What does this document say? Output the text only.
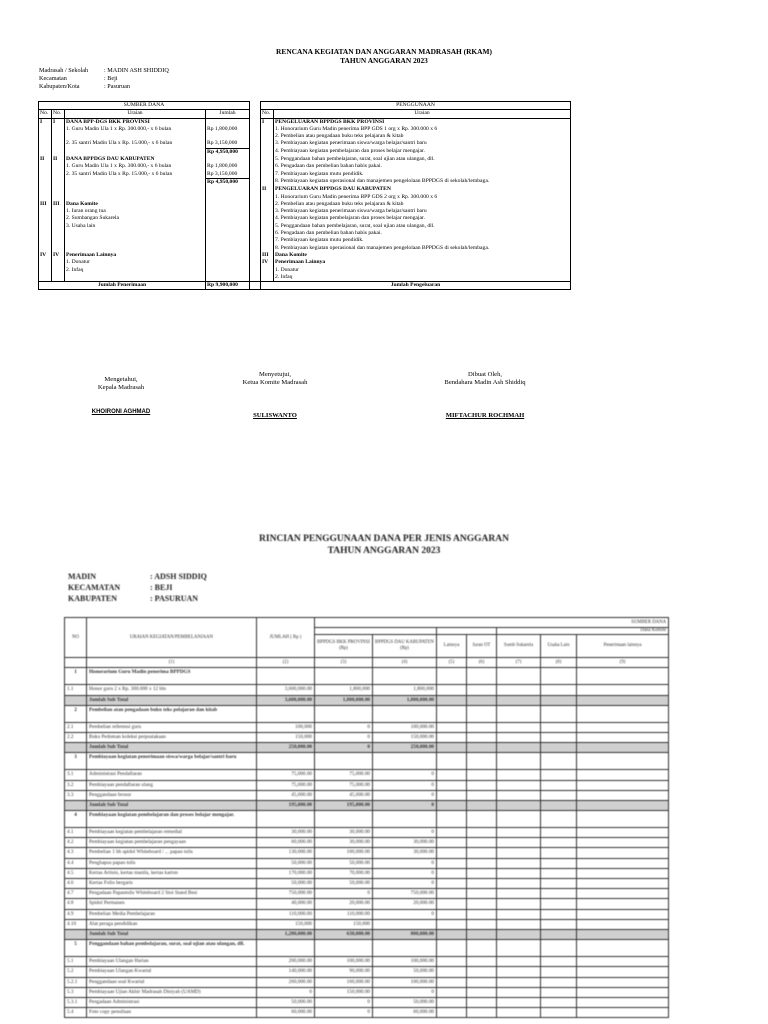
RENCANA KEGIATAN DAN ANGGARAN MADRASAH (RKAM)
TAHUN ANGGARAN 2023
Madrasah / Sekolah	: MADIN ASH SHIDDIQ
Kecamatan	: Beji
Kabupaten/Kota	: Pasuruan
SUMBER DANA					PENGGUNAAN	
No.	No.	Uraian	Jumlah		No.	Uraian
I	I	DANA BPP-DGS BKK PROVINSI			I	PENGELUARAN BPPDGS BKK PROVINSI
		1. Guru Madin Ula 1 x Rp. 300.000,- x 6 bulan	Rp 1,800,000			1. Honorarium Guru Madin penerima BPP GDS 1 org x Rp. 300.000 x 6
						2. Pembelian atau pengadaan buku teks pelajaran & kitab
		2. 35 santri Madin Ula x Rp. 15.000,- x 6 bulan	Rp 3,150,000			3. Pembiayaan kegiatan penerimaan siswa/warga belajar/santri baru
			Rp 4,950,000			4. Pembiayaan kegiatan pembelajaran dan proses belajar mengajar.
II	II	DANA BPPDGS DAU KABUPATEN				5. Penggandaan bahan pembelajaran, surat, soal ujian atau ulangan, dll.
		1. Guru Madin Ula 1 x Rp. 300.000,- x 6 bulan	Rp 1,800,000			6. Pengadaan dan pembelian bahan habis pakai.
		2. 35 santri Madin Ula x Rp. 15.000,- x 6 bulan	Rp 3,150,000			7. Pembiayaan kegiatan mutu pendidik.
			Rp 4,950,000			8. Pembiayaan kegiatan operasional dan manajemen pengelolaan BPPDGS di sekolah/lembaga.

					II	PENGELUARAN BPPDGS DAU KABUPATEN
						1. Honorarium Guru Madin penerima BPP GDS 2 org x Rp. 300.000 x 6
III	III	Dana Komite				2. Pembelian atau pengadaan buku teks pelajaran & kitab
		1. Iuran orang tua				3. Pembiayaan kegiatan penerimaan siswa/warga belajar/santri baru
		2. Sumbangan Sukarela				4. Pembiayaan kegiatan pembelajaran dan proses belajar mengajar.
		3. Usaha lain				5. Penggandaan bahan pembelajaran, surat, soal ujian atau ulangan, dll.
						6. Pengadaan dan pembelian bahan habis pakai.
						7. Pembiayaan kegiatan mutu pendidik.
						8. Pembiayaan kegiatan operasional dan manajemen pengelolaan BPPDGS di sekolah/lembaga.
IV	IV	Penerimaan Lainnya			III	Dana Komite
		1. Donatur			IV	Penerimaan Lainnya
		2. Infaq				1. Donatur
						2. Infaq
Jumlah Penerimaan			Rp 9,900,000		Jumlah Pengeluaran	
Mengetahui,
Kepala Madrasah
KHOIRONI AGHMAD
Menyetujui,
Ketua Komite Madrasah
SULISWANTO
Dibuat Oleh,
Bendahara Madin Ash Shiddiq
MIFTACHUR ROCHMAH
RINCIAN PENGGUNAAN DANA PER JENIS ANGGARAN
TAHUN ANGGARAN 2023
MADIN	: ADSH SIDDIQ
KECAMATAN	: BEJI
KABUPATEN	: PASURUAN
NO	URAIAN KEGIATAN/PEMBELANJAAN	JUMLAH ( Rp )	SUMBER DANA						
							Dana Komite		
			BPPDGS BKK PROVINSI (Rp)	BPPDGS DAU KABUPATEN (Rp)	Lainnya	Iuran OT	Sumb Sukarela	Usaha Lain	Penerimaan lainnya
	(1)	(2)	(3)	(4)	(5)	(6)	(7)	(8)	(9)
1	Honorarium Guru Madin penerima BPPDGS								
1.1	Honor guru 2 x Rp. 300.000 x 12 bln	3,600,000.00	1,800,000	1,800,000					
	Jumlah Sub Total	3,600,000.00	1,800,000.00	1,800,000.00					
2	Pembelian atau pengadaan buku teks pelajaran dan kitab								
2.1	Pembelian referensi guru	100,000	0	100,000.00					
2.2	Buku Pedoman koleksi perpustakaan	150,000	0	150,000.00					
	Jumlah Sub Total	250,000.00	0	250,000.00					
3	Pembiayaan kegiatan penerimaan siswa/warga belajar/santri baru								
3.1	Administrasi Pendaftaran	75,000.00	75,000.00	0					
3.2	Pembiayaan pendaftaran ulang	75,000.00	75,000.00	0					
3.3	Penggandaan brosur	45,000.00	45,000.00	0					
	Jumlah Sub Total	195,000.00	195,000.00	0					
4	Pembiayaan kegiatan pembelajaran dan proses belajar mengajar.								
4.1	Pembiayaan kegiatan pembelajaran remedial	30,000.00	30,000.00	0					
4.2	Pembiayaan kegiatan pembelajaran pengayaan	60,000.00	30,000.00	30,000.00					
4.3	Pembelian 1 bh spidol Whiteboard / ... papan tulis	130,000.00	100,000.00	30,000.00					
4.4	Penghapus papan tulis	50,000.00	50,000.00	0					
4.5	Kertas Artisin, kertas manila, kertas karton	170,000.00	70,000.00	0					
4.6	Kertas Folio bergaris	50,000.00	50,000.00	0					
4.7	Pengadaan Papantulis Whiteboard 2 Stoi Stand Besi	750,000.00	0	750,000.00					
4.8	Spidol Permanen	40,000.00	20,000.00	20,000.00					
4.9	Pembelian Media Pembelajaran	110,000.00	110,000.00	0					
4.10	Alat peraga pendidikan	150,000	150,000						
	Jumlah Sub Total	1,280,000.00	630,000.00	800,000.00					
5	Penggandaan bahan pembelajaran, surat, soal ujian atau ulangan, dll.								
5.1	Pembiayaan Ulangan Harian	200,000.00	100,000.00	100,000.00					
5.2	Pembiayaan Ulangan Kwartal	140,000.00	90,000.00	50,000.00					
5.2.1	Penggandaan soal Kwartal	260,000.00	160,000.00	100,000.00					
5.3	Pembiayaan Ujian Akhir Madrasah Diniyah (UAMD)	0	150,000.00	0					
5.3.1	Pengadaan Administrasi	50,000.00	0	50,000.00					
5.4	Foto copy penulisan	60,000.00	0	60,000.00					
